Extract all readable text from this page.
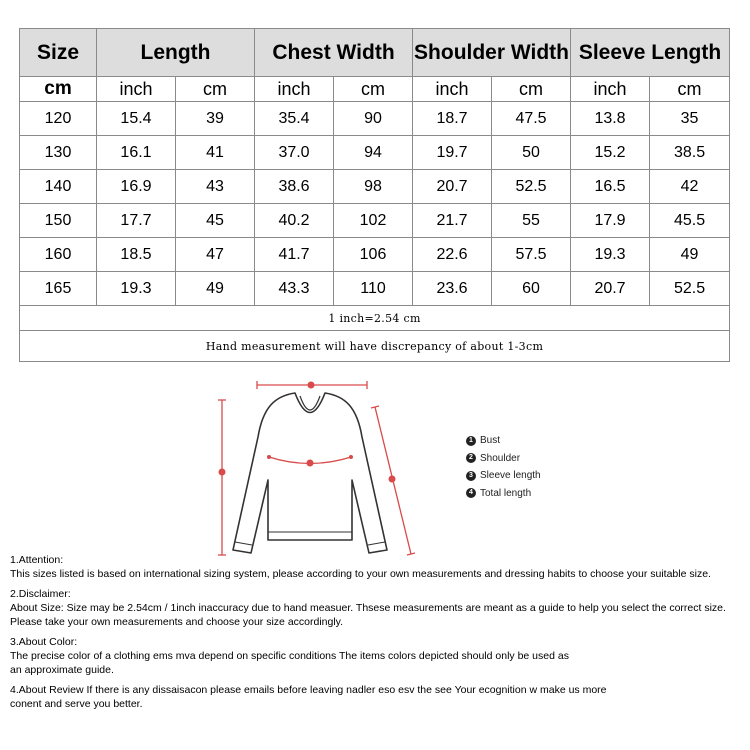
Size	Length		Chest Width		Shoulder Width		Sleeve Length	
cm	inch	cm	inch	cm	inch	cm	inch	cm
120	15.4	39	35.4	90	18.7	47.5	13.8	35
130	16.1	41	37.0	94	19.7	50	15.2	38.5
140	16.9	43	38.6	98	20.7	52.5	16.5	42
150	17.7	45	40.2	102	21.7	55	17.9	45.5
160	18.5	47	41.7	106	22.6	57.5	19.3	49
165	19.3	49	43.3	110	23.6	60	20.7	52.5
1 inch=2.54 cm								
Hand measurement will have discrepancy of about 1-3cm								
1 Bust
2 Shoulder
3 Sleeve length
4 Total length
1.Attention:
This sizes listed is based on international sizing system, please according to your own measurements and dressing habits to choose your suitable size.
2.Disclaimer:
About Size: Size may be 2.54cm / 1inch inaccuracy due to hand measuer. Thsese measurements are meant as a guide to help you select the correct size.
Please take your own measurements and choose your size accordingly.
3.About Color:
The precise color of a clothing ems mva depend on specific conditions The items colors depicted should only be used as
an approximate guide.
4.About Review If there is any dissaisacon please emails before leaving nadler eso esv the see Your ecognition w make us more
conent and serve you better.
